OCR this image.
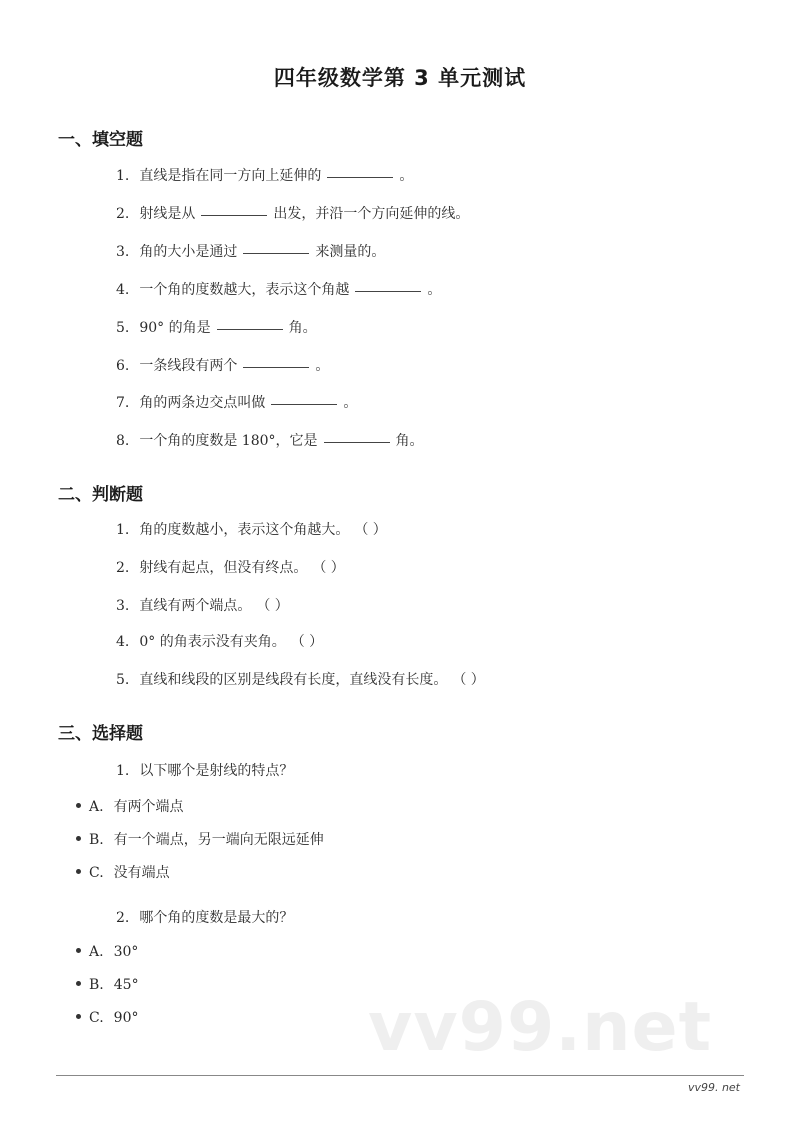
四年级数学第 3 单元测试
一、填空题
1. 直线是指在同一方向上延伸的	。
2. 射线是从	出发，并沿一个方向延伸的线。
3. 角的大小是通过	来测量的。
4. 一个角的度数越大，表示这个角越	。
5. 90° 的角是	角。
6. 一条线段有两个	。
7. 角的两条边交点叫做	。
8. 一个角的度数是 180°，它是	角。
二、判断题
1. 角的度数越小，表示这个角越大。 （ ）
2. 射线有起点，但没有终点。 （ ）
3. 直线有两个端点。 （ ）
4. 0° 的角表示没有夹角。 （ ）
5. 直线和线段的区别是线段有长度，直线没有长度。 （ ）
三、选择题
1. 以下哪个是射线的特点？
A. 有两个端点
B. 有一个端点，另一端向无限远延伸
C. 没有端点
2. 哪个角的度数是最大的？
A. 30°
B. 45°
C. 90°	vv99.net
vv99. net
